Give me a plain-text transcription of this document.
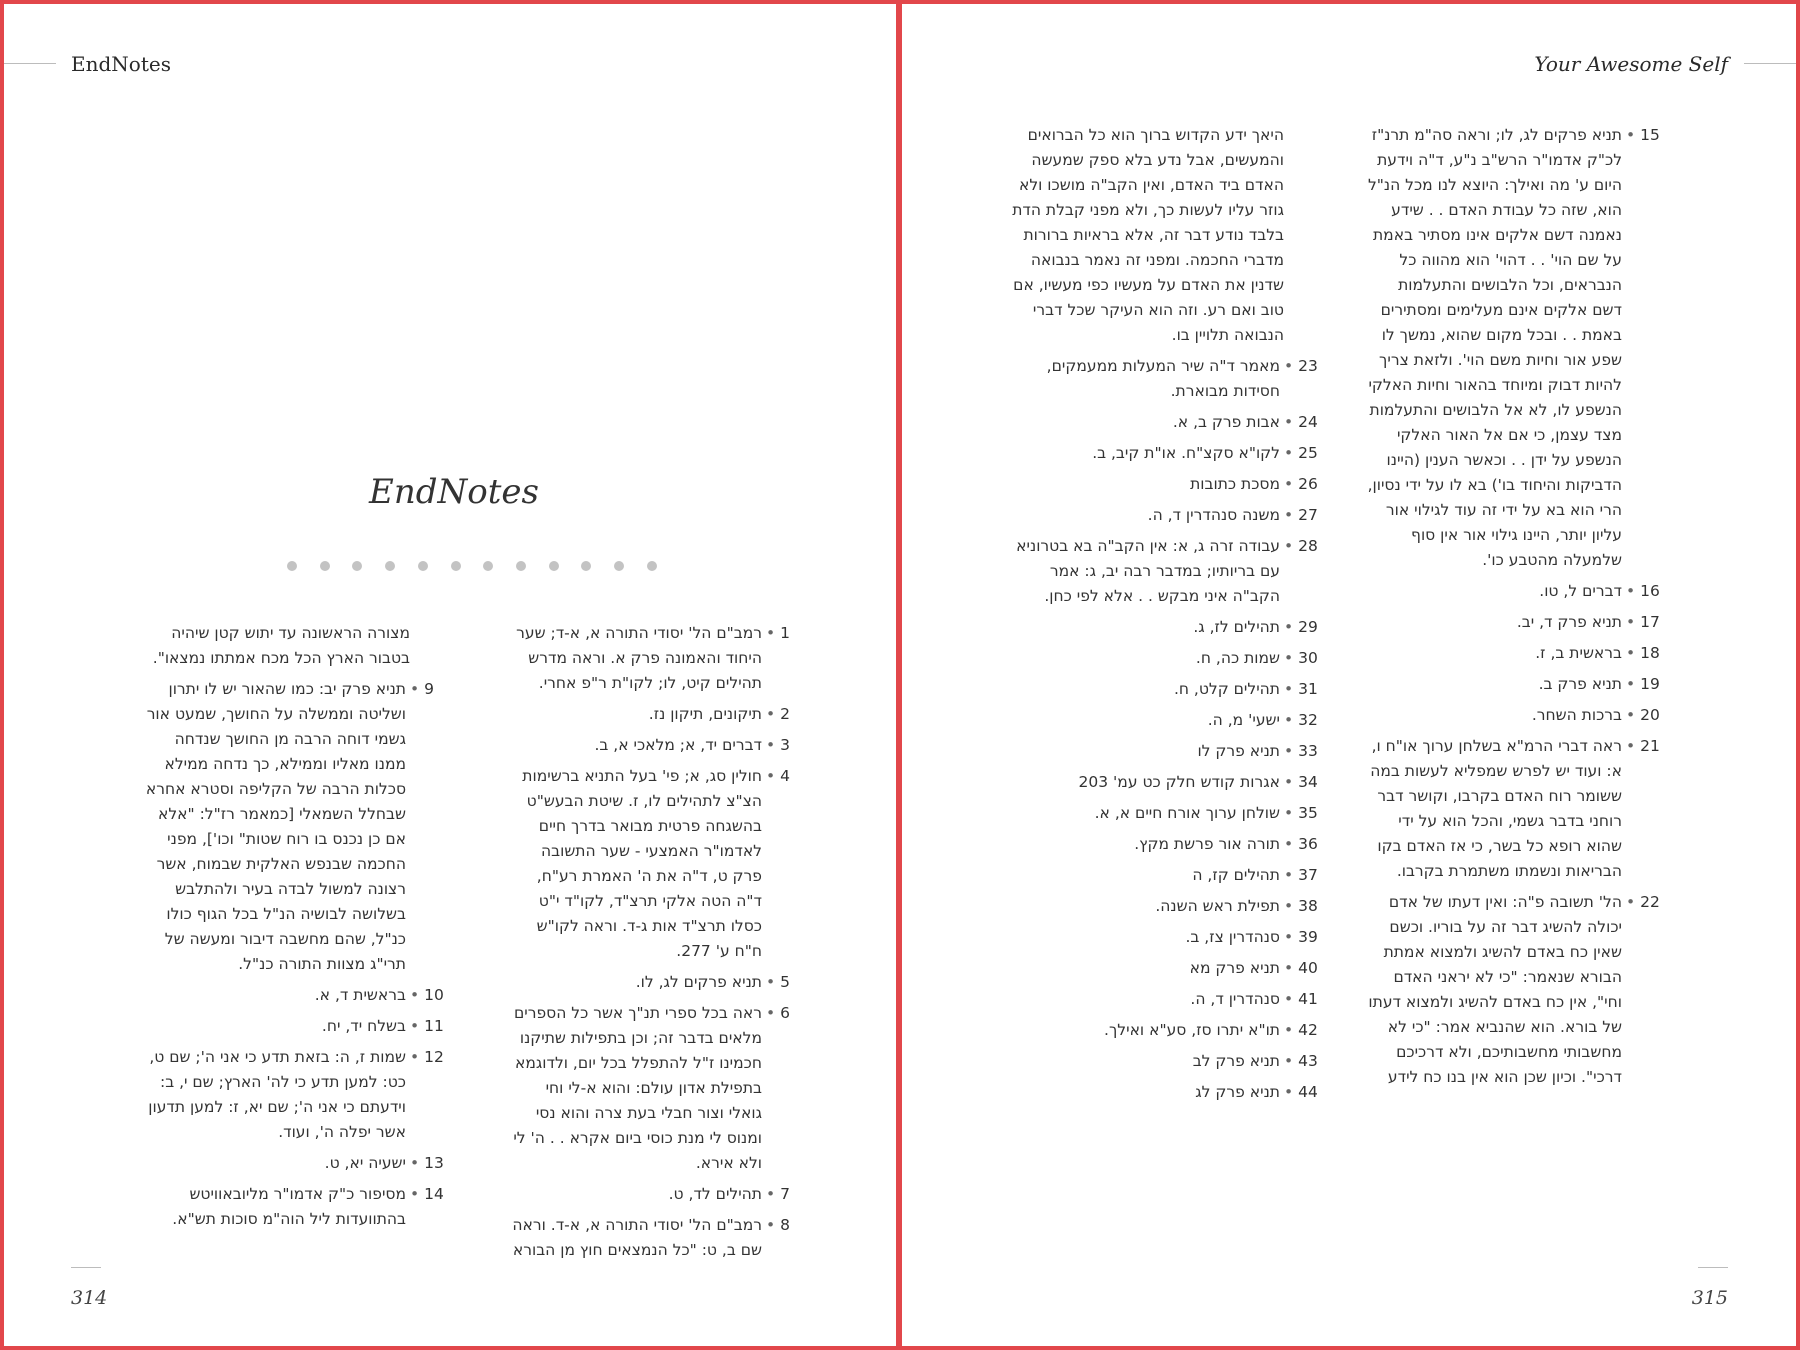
EndNotes
EndNotes
• 1
רמב"ם הל' יסודי התורה א, א-ד; שער היחוד והאמונה פרק א. וראה מדרש תהילים קיט, לו; לקו"ת ר"פ אחרי.
• 2
תיקונים, תיקון נז.
• 3
דברים יד, א; מלאכי א, ב.
• 4
חולין סג, א; פי' בעל התניא ברשימות הצ"צ לתהילים לו, ז. שיטת הבעש"ט בהשגחה פרטית מבואר בדרך חיים לאדמו"ר האמצעי - שער התשובה פרק ט, ד"ה את ה' האמרת רע"ח, ד"ה הטה אלקי תרצ"ד, לקו"ד י"ט כסלו תרצ"ד אות ג-ד. וראה לקו"ש ח"ח ע' 277.
• 5
תניא פרקים לג, לו.
• 6
ראה בכל ספרי תנ"ך אשר כל הספרים מלאים בדבר זה; וכן בתפילות שתיקנו חכמינו ז"ל להתפלל בכל יום, ולדוגמא בתפילת אדון עולם: והוא א-לי וחי גואלי וצור חבלי בעת צרה והוא נסי ומנוס לי מנת כוסי ביום אקרא . . ה' לי ולא אירא.
• 7
תהילים לד, ט.
• 8
רמב"ם הל' יסודי התורה א, א-ד. וראה שם ב, ט: "כל הנמצאים חוץ מן הבורא
מצורה הראשונה עד יתוש קטן שיהיה בטבור הארץ הכל מכח אמתתו נמצאו".
• 9
תניא פרק יב: כמו שהאור יש לו יתרון ושליטה וממשלה על החושך, שמעט אור גשמי דוחה הרבה מן החושך שנדחה ממנו מאליו וממילא, כך נדחה ממילא סכלות הרבה של הקליפה וסטרא אחרא שבחלל השמאלי [כמאמר רז"ל: "אלא אם כן נכנס בו רוח שטות" וכו'], מפני החכמה שבנפש האלקית שבמוח, אשר רצונה למשול לבדה בעיר ולהתלבש בשלושה לבושיה הנ"ל בכל הגוף כולו כנ"ל, שהם מחשבה דיבור ומעשה של תרי"ג מצוות התורה כנ"ל.
• 10
בראשית ד, א.
• 11
בשלח יד, יח.
• 12
שמות ז, ה: בזאת תדע כי אני ה'; שם ט, כט: למען תדע כי לה' הארץ; שם י, ב: וידעתם כי אני ה'; שם יא, ז: למען תדעון אשר יפלה ה', ועוד.
• 13
ישעיה יא, ט.
• 14
מסיפור כ"ק אדמו"ר מליובאוויטש בהתוועדות ליל הוה"מ סוכות תש"א.
314
Your Awesome Self
• 15
תניא פרקים לג, לו; וראה סה"מ תרנ"ז לכ"ק אדמו"ר הרש"ב נ"ע, ד"ה וידעת היום ע' מה ואילך: היוצא לנו מכל הנ"ל הוא, שזה כל עבודת האדם . . שידע נאמנה דשם אלקים אינו מסתיר באמת על שם הוי' . . דהוי' הוא מהווה כל הנבראים, וכל הלבושים והתעלמות דשם אלקים אינם מעלימים ומסתירים באמת . . ובכל מקום שהוא, נמשך לו שפע אור וחיות משם הוי'. ולזאת צריך להיות דבוק ומיוחד בהאור וחיות האלקי הנשפע לו, לא אל הלבושים והתעלמות מצד עצמן, כי אם אל האור האלקי הנשפע על ידן . . וכאשר הענין (היינו הדביקות והיחוד בו') בא לו על ידי נסיון, הרי הוא בא על ידי זה עוד לגילוי אור עליון יותר, היינו גילוי אור אין סוף שלמעלה מהטבע כו'.
• 16
דברים ל, טו.
• 17
תניא פרק ד, יב.
• 18
בראשית ב, ז.
• 19
תניא פרק ב.
• 20
ברכות השחר.
• 21
ראה דברי הרמ"א בשלחן ערוך או"ח ו, א: ועוד יש לפרש שמפליא לעשות במה ששומר רוח האדם בקרבו, וקושר דבר רוחני בדבר גשמי, והכל הוא על ידי שהוא רופא כל בשר, כי אז האדם בקו הבריאות ונשמתו משתמרת בקרבו.
• 22
הל' תשובה פ"ה: ואין דעתו של אדם יכולה להשיג דבר זה על בוריו. וכשם שאין כח באדם להשיג ולמצוא אמתת הבורא שנאמר: "כי לא יראני האדם וחי", אין כח באדם להשיג ולמצוא דעתו של בורא. הוא שהנביא אמר: "כי לא מחשבותי מחשבותיכם, ולא דרכיכם דרכי". וכיון שכן הוא אין בנו כח לידע
היאך ידע הקדוש ברוך הוא כל הברואים והמעשים, אבל נדע בלא ספק שמעשה האדם ביד האדם, ואין הקב"ה מושכו ולא גוזר עליו לעשות כך, ולא מפני קבלת הדת בלבד נודע דבר זה, אלא בראיות ברורות מדברי החכמה. ומפני זה נאמר בנבואה שדנין את האדם על מעשיו כפי מעשיו, אם טוב ואם רע. וזה הוא העיקר שכל דברי הנבואה תלויין בו.
• 23
מאמר ד"ה שיר המעלות ממעמקים, חסידות מבוארת.
• 24
אבות פרק ב, א.
• 25
לקו"א סקצ"ח. או"ת קיב, ב.
• 26
מסכת כתובות
• 27
משנה סנהדרין ד, ה.
• 28
עבודה זרה ג, א: אין הקב"ה בא בטרוניא עם בריותיו; במדבר רבה יב, ג: אמר הקב"ה איני מבקש . . אלא לפי כחן.
• 29
תהילים לז, ג.
• 30
שמות כה, ח.
• 31
תהילים קלט, ח.
• 32
ישעי' מ, ה.
• 33
תניא פרק לו
• 34
אגרות קודש חלק כט עמ' 203
• 35
שולחן ערוך אורח חיים א, א.
• 36
תורה אור פרשת מקץ.
• 37
תהילים קז, ה
• 38
תפילת ראש השנה.
• 39
סנהדרין צז, ב.
• 40
תניא פרק מא
• 41
סנהדרין ד, ה.
• 42
תו"א יתרו סז, סע"א ואילך.
• 43
תניא פרק לב
• 44
תניא פרק לג
315
